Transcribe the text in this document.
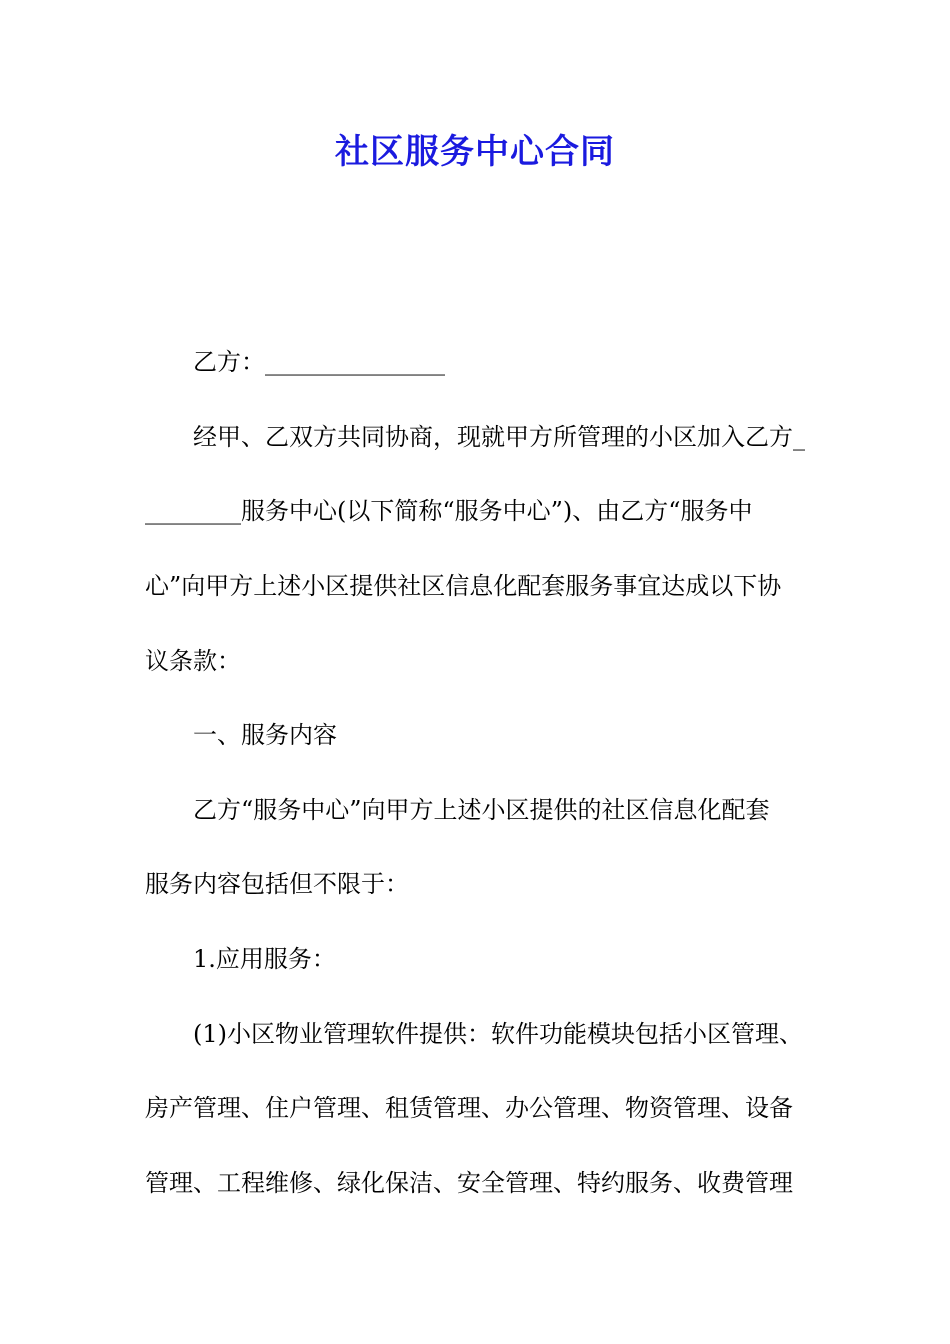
社区服务中心合同
乙方：_______________
经甲、乙双方共同协商，现就甲方所管理的小区加入乙方_
________服务中心(以下简称“服务中心”)、由乙方“服务中
心”向甲方上述小区提供社区信息化配套服务事宜达成以下协
议条款：
一、服务内容
乙方“服务中心”向甲方上述小区提供的社区信息化配套
服务内容包括但不限于：
1.应用服务：
(1)小区物业管理软件提供：软件功能模块包括小区管理、
房产管理、住户管理、租赁管理、办公管理、物资管理、设备
管理、工程维修、绿化保洁、安全管理、特约服务、收费管理
